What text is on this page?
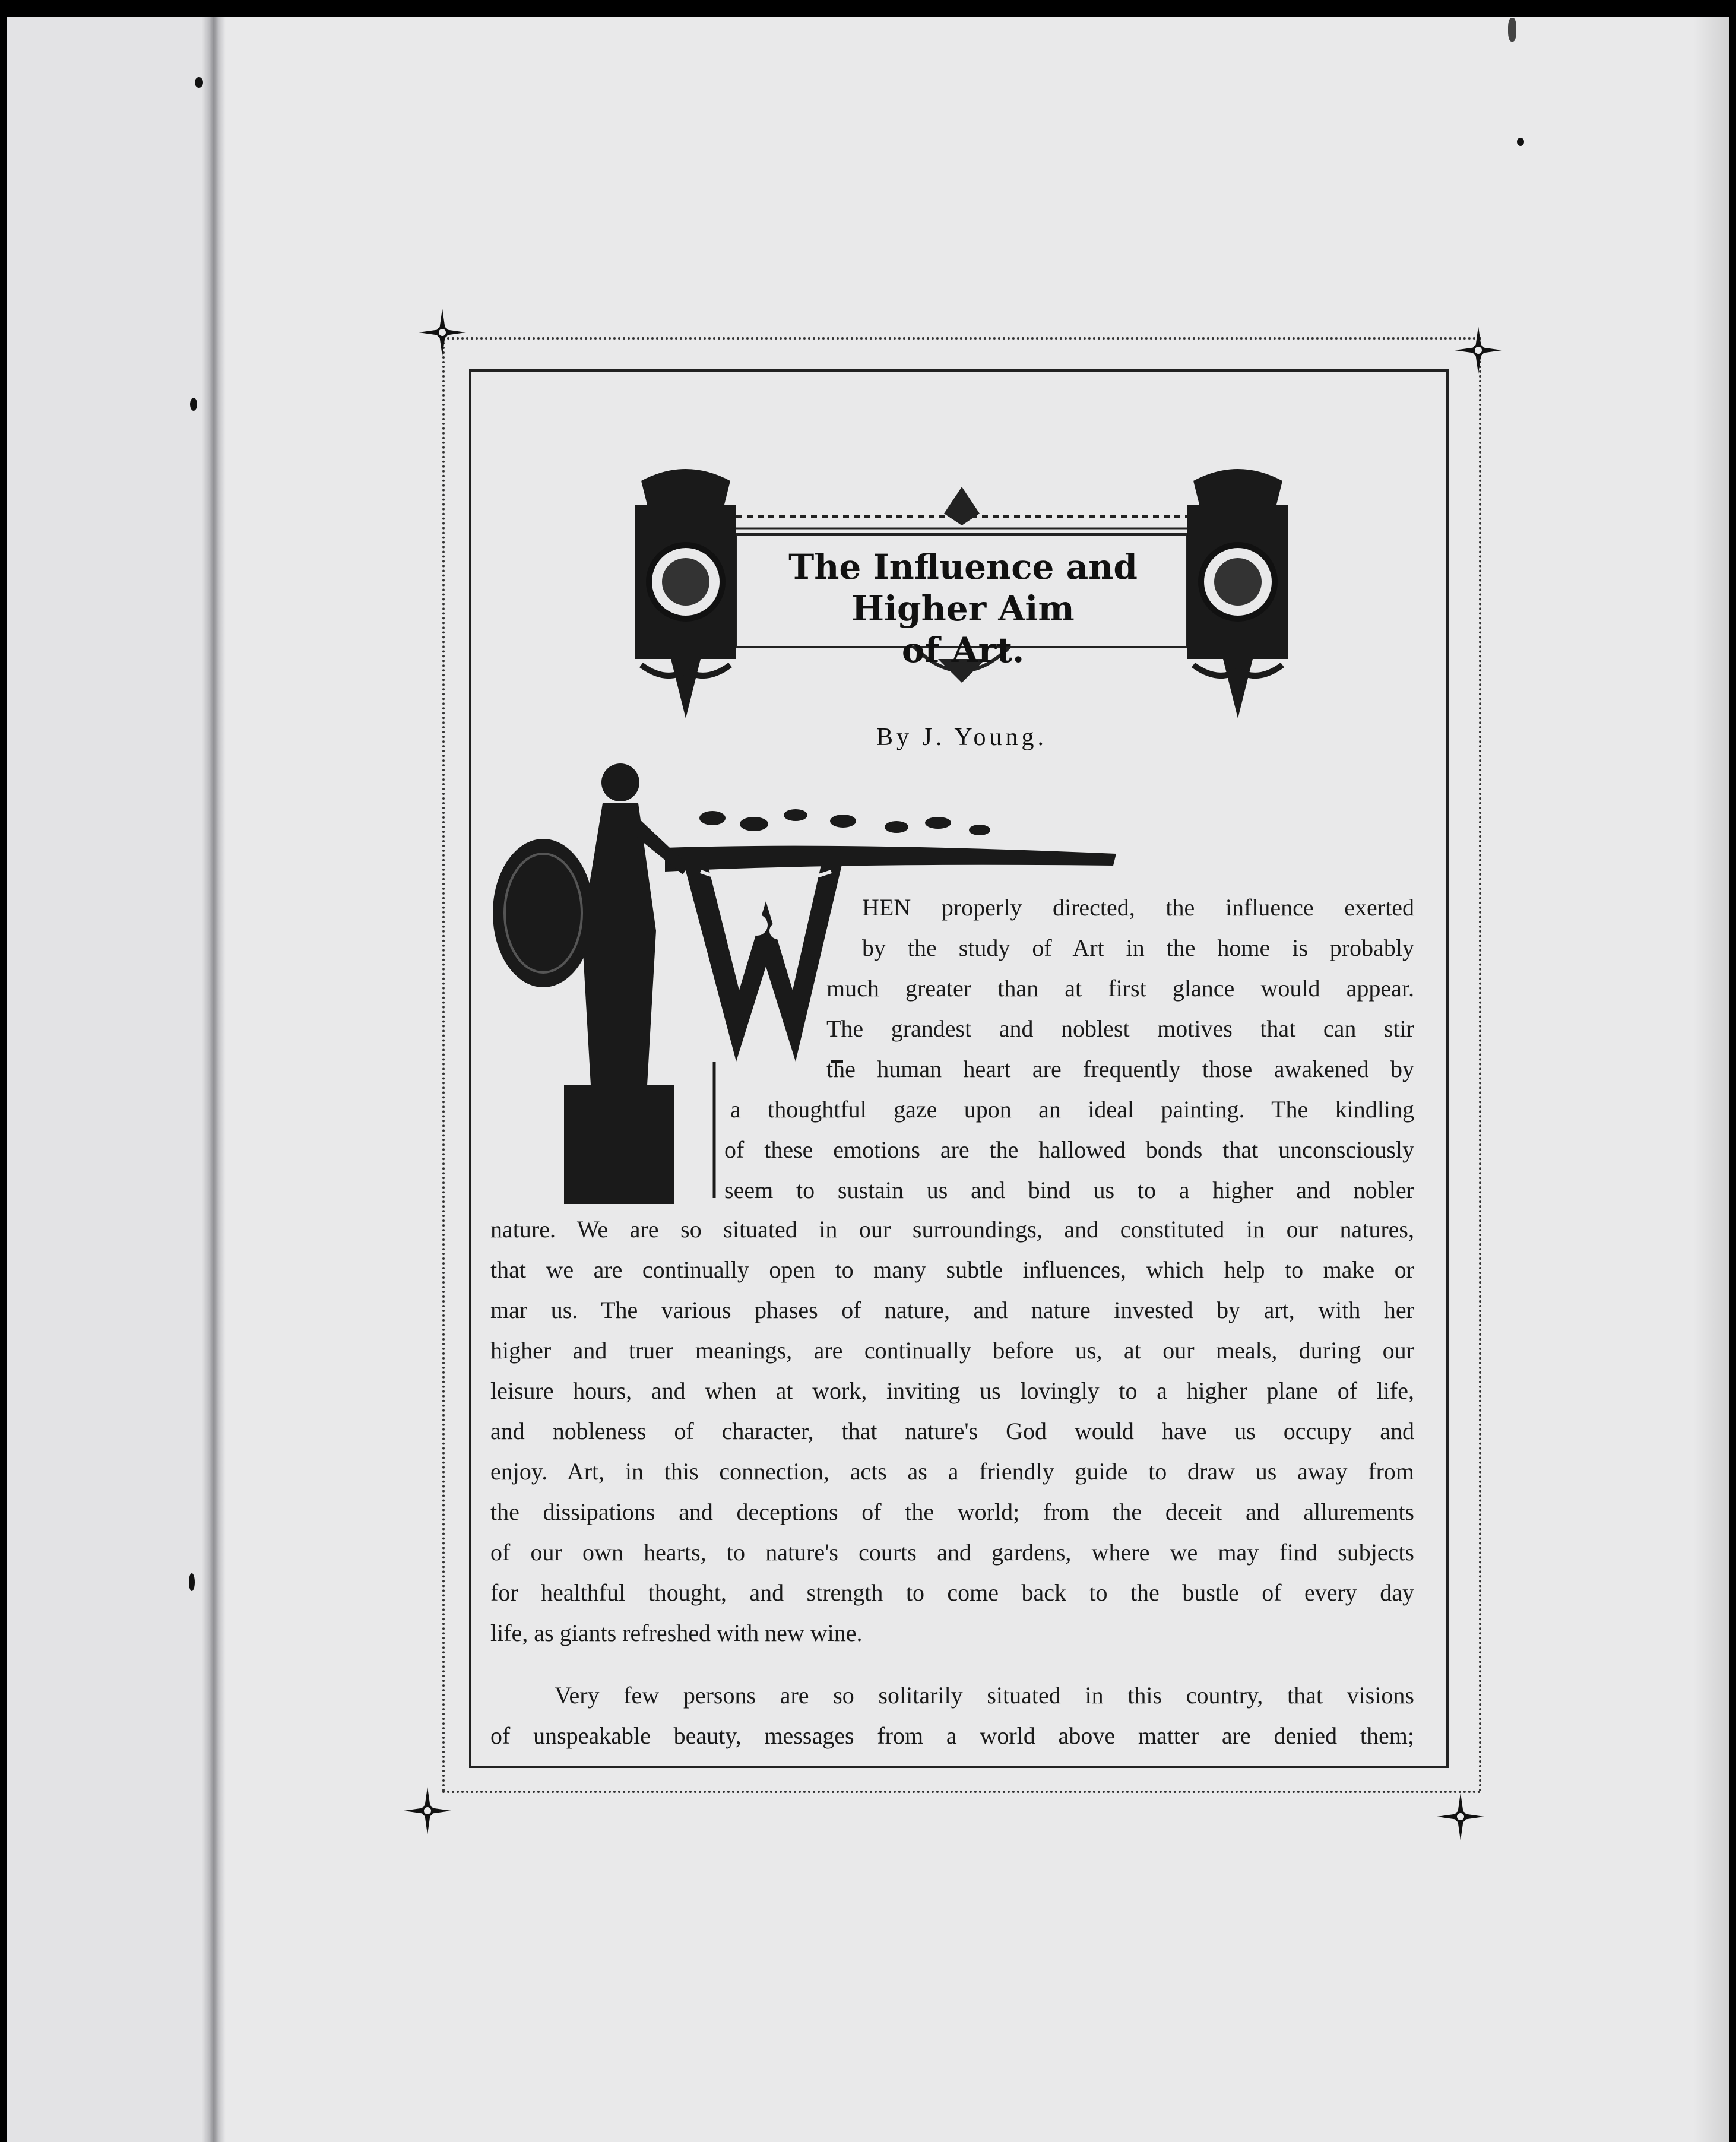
The Influence and Higher Aim
of Art.
By J. Young.
HEN properly directed, the influence exerted
by the study of Art in the home is probably
much greater than at first glance would appear.
The grandest and noblest motives that can stir
the human heart are frequently those awakened by
a thoughtful gaze upon an ideal painting. The kindling
of these emotions are the hallowed bonds that unconsciously
seem to sustain us and bind us to a higher and nobler
nature. We are so situated in our surroundings, and constituted in our natures,
that we are continually open to many subtle influences, which help to make or
mar us. The various phases of nature, and nature invested by art, with her
higher and truer meanings, are continually before us, at our meals, during our
leisure hours, and when at work, inviting us lovingly to a higher plane of life,
and nobleness of character, that nature's God would have us occupy and
enjoy. Art, in this connection, acts as a friendly guide to draw us away from
the dissipations and deceptions of the world; from the deceit and allurements
of our own hearts, to nature's courts and gardens, where we may find subjects
for healthful thought, and strength to come back to the bustle of every day
life, as giants refreshed with new wine.
Very few persons are so solitarily situated in this country, that visions
of unspeakable beauty, messages from a world above matter are denied them;
